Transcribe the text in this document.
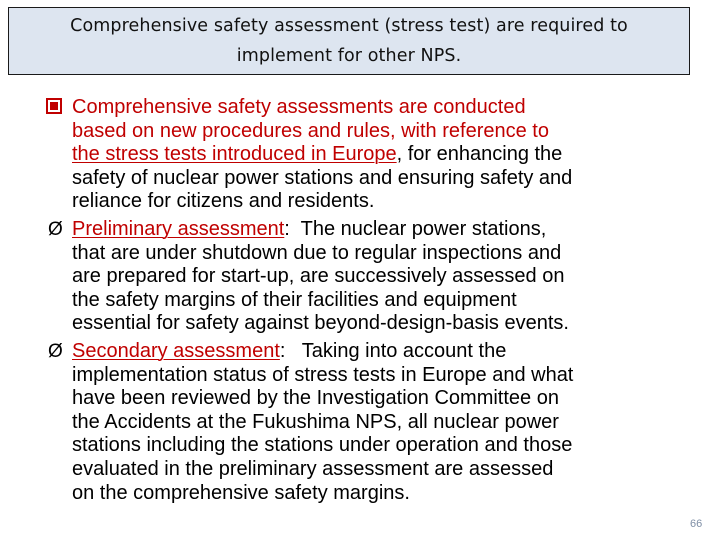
Comprehensive safety assessment (stress test) are required to
implement for other NPS.
Comprehensive safety assessments are conducted
based on new procedures and rules, with reference to
the stress tests introduced in Europe, for enhancing the
safety of nuclear power stations and ensuring safety and
reliance for citizens and residents.
Ø Preliminary assessment:  The nuclear power stations,
that are under shutdown due to regular inspections and
are prepared for start-up, are successively assessed on
the safety margins of their facilities and equipment
essential for safety against beyond-design-basis events.
Ø Secondary assessment:   Taking into account the
implementation status of stress tests in Europe and what
have been reviewed by the Investigation Committee on
the Accidents at the Fukushima NPS, all nuclear power
stations including the stations under operation and those
evaluated in the preliminary assessment are assessed
on the comprehensive safety margins.
66
